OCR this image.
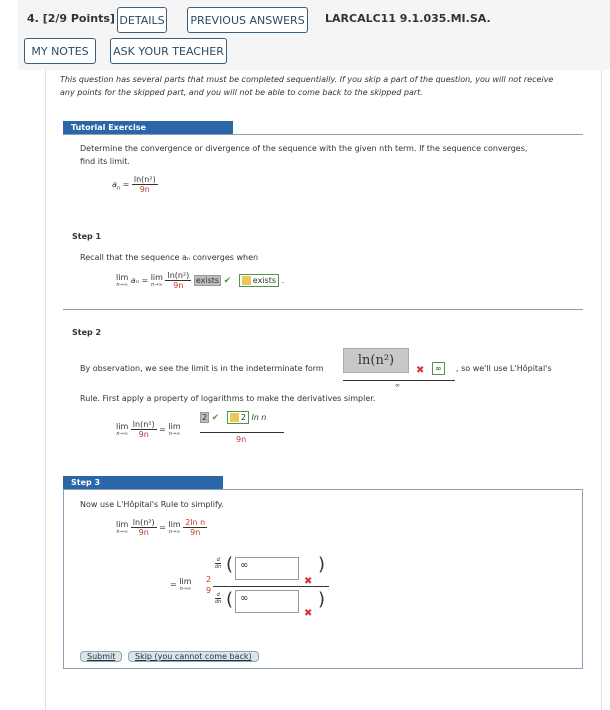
4. [2/9 Points] DETAILS	PREVIOUS ANSWERS	LARCALC11 9.1.035.MI.SA.
MY NOTES	ASK YOUR TEACHER
This question has several parts that must be completed sequentially. If you skip a part of the question, you will not receive
any points for the skipped part, and you will not be able to come back to the skipped part.
Tutorial Exercise
Determine the convergence or divergence of the sequence with the given nth term. If the sequence converges,
find its limit.
$a_n = \frac{\text{ln(n²)}}{9n}$
Step 1
Recall that the sequence aₙ converges when
lim
n→∞ aₙ = lim
n→∞
$\frac{\text{ln(n²)}}{9n}$ exists ✔	exists .
Step 2
By observation, we see the limit is in the indeterminate form
ln(n²)
∞
✖	∞	, so we'll use L'Hôpital's
Rule. First apply a property of logarithms to make the derivatives simpler.
lim
n→∞
$\frac{\text{ln(n²)}}{9n} = \lim$
n→∞
2 ✔	2 ln n
9n
Step 3
Now use L'Hôpital's Rule to simplify.
lim
n→∞
$\frac{\text{ln(n²)}}{9n} = \lim$
n→∞
$\frac{\text{2ln n}}{9n}$
= lim
n→∞
2
9
d
dn
d
dn
( ∞
✖
)
( ∞
✖
)
Submit	Skip (you cannot come back)
